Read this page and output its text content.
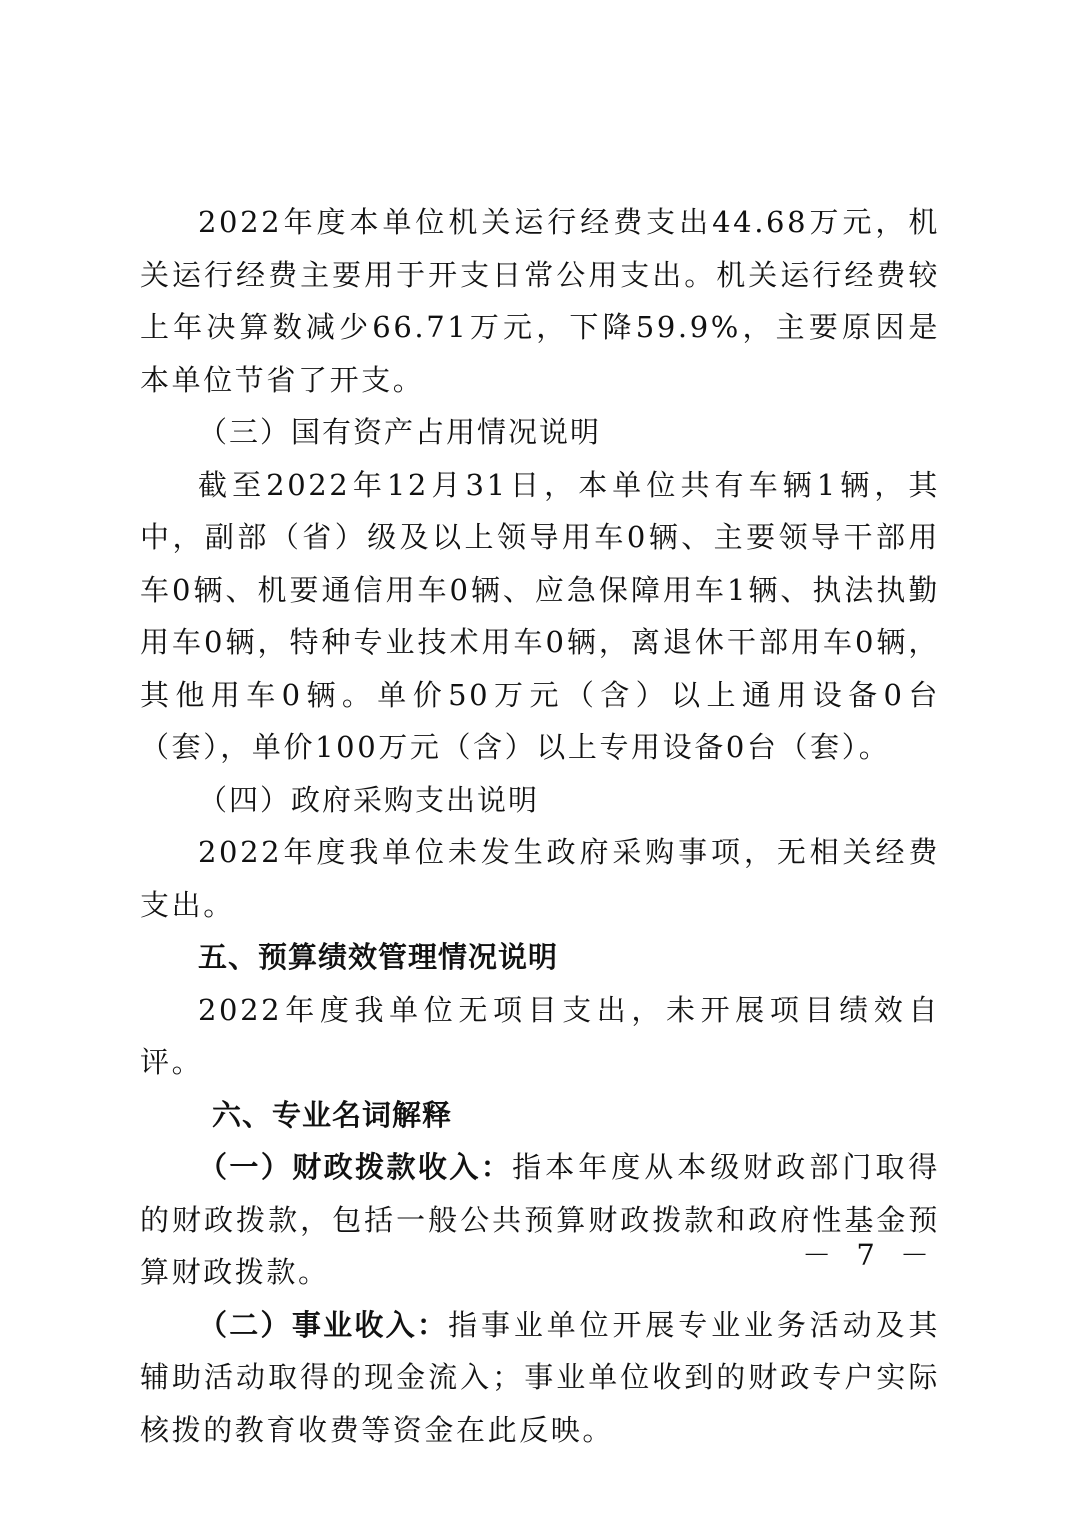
2022年度本单位机关运行经费支出44.68万元，机关运行经费主要用于开支日常公用支出。机关运行经费较上年决算数减少66.71万元，下降59.9%，主要原因是本单位节省了开支。

（三）国有资产占用情况说明

截至2022年12月31日，本单位共有车辆1辆，其中，副部（省）级及以上领导用车0辆、主要领导干部用车0辆、机要通信用车0辆、应急保障用车1辆、执法执勤用车0辆，特种专业技术用车0辆，离退休干部用车0辆，其他用车0辆。单价50万元（含）以上通用设备0台（套），单价100万元（含）以上专用设备0台（套）。

（四）政府采购支出说明

2022年度我单位未发生政府采购事项，无相关经费支出。

五、预算绩效管理情况说明

2022年度我单位无项目支出，未开展项目绩效自评。

六、专业名词解释

（一）财政拨款收入：指本年度从本级财政部门取得的财政拨款，包括一般公共预算财政拨款和政府性基金预算财政拨款。

（二）事业收入：指事业单位开展专业业务活动及其辅助活动取得的现金流入；事业单位收到的财政专户实际核拨的教育收费等资金在此反映。

－ 7 －
